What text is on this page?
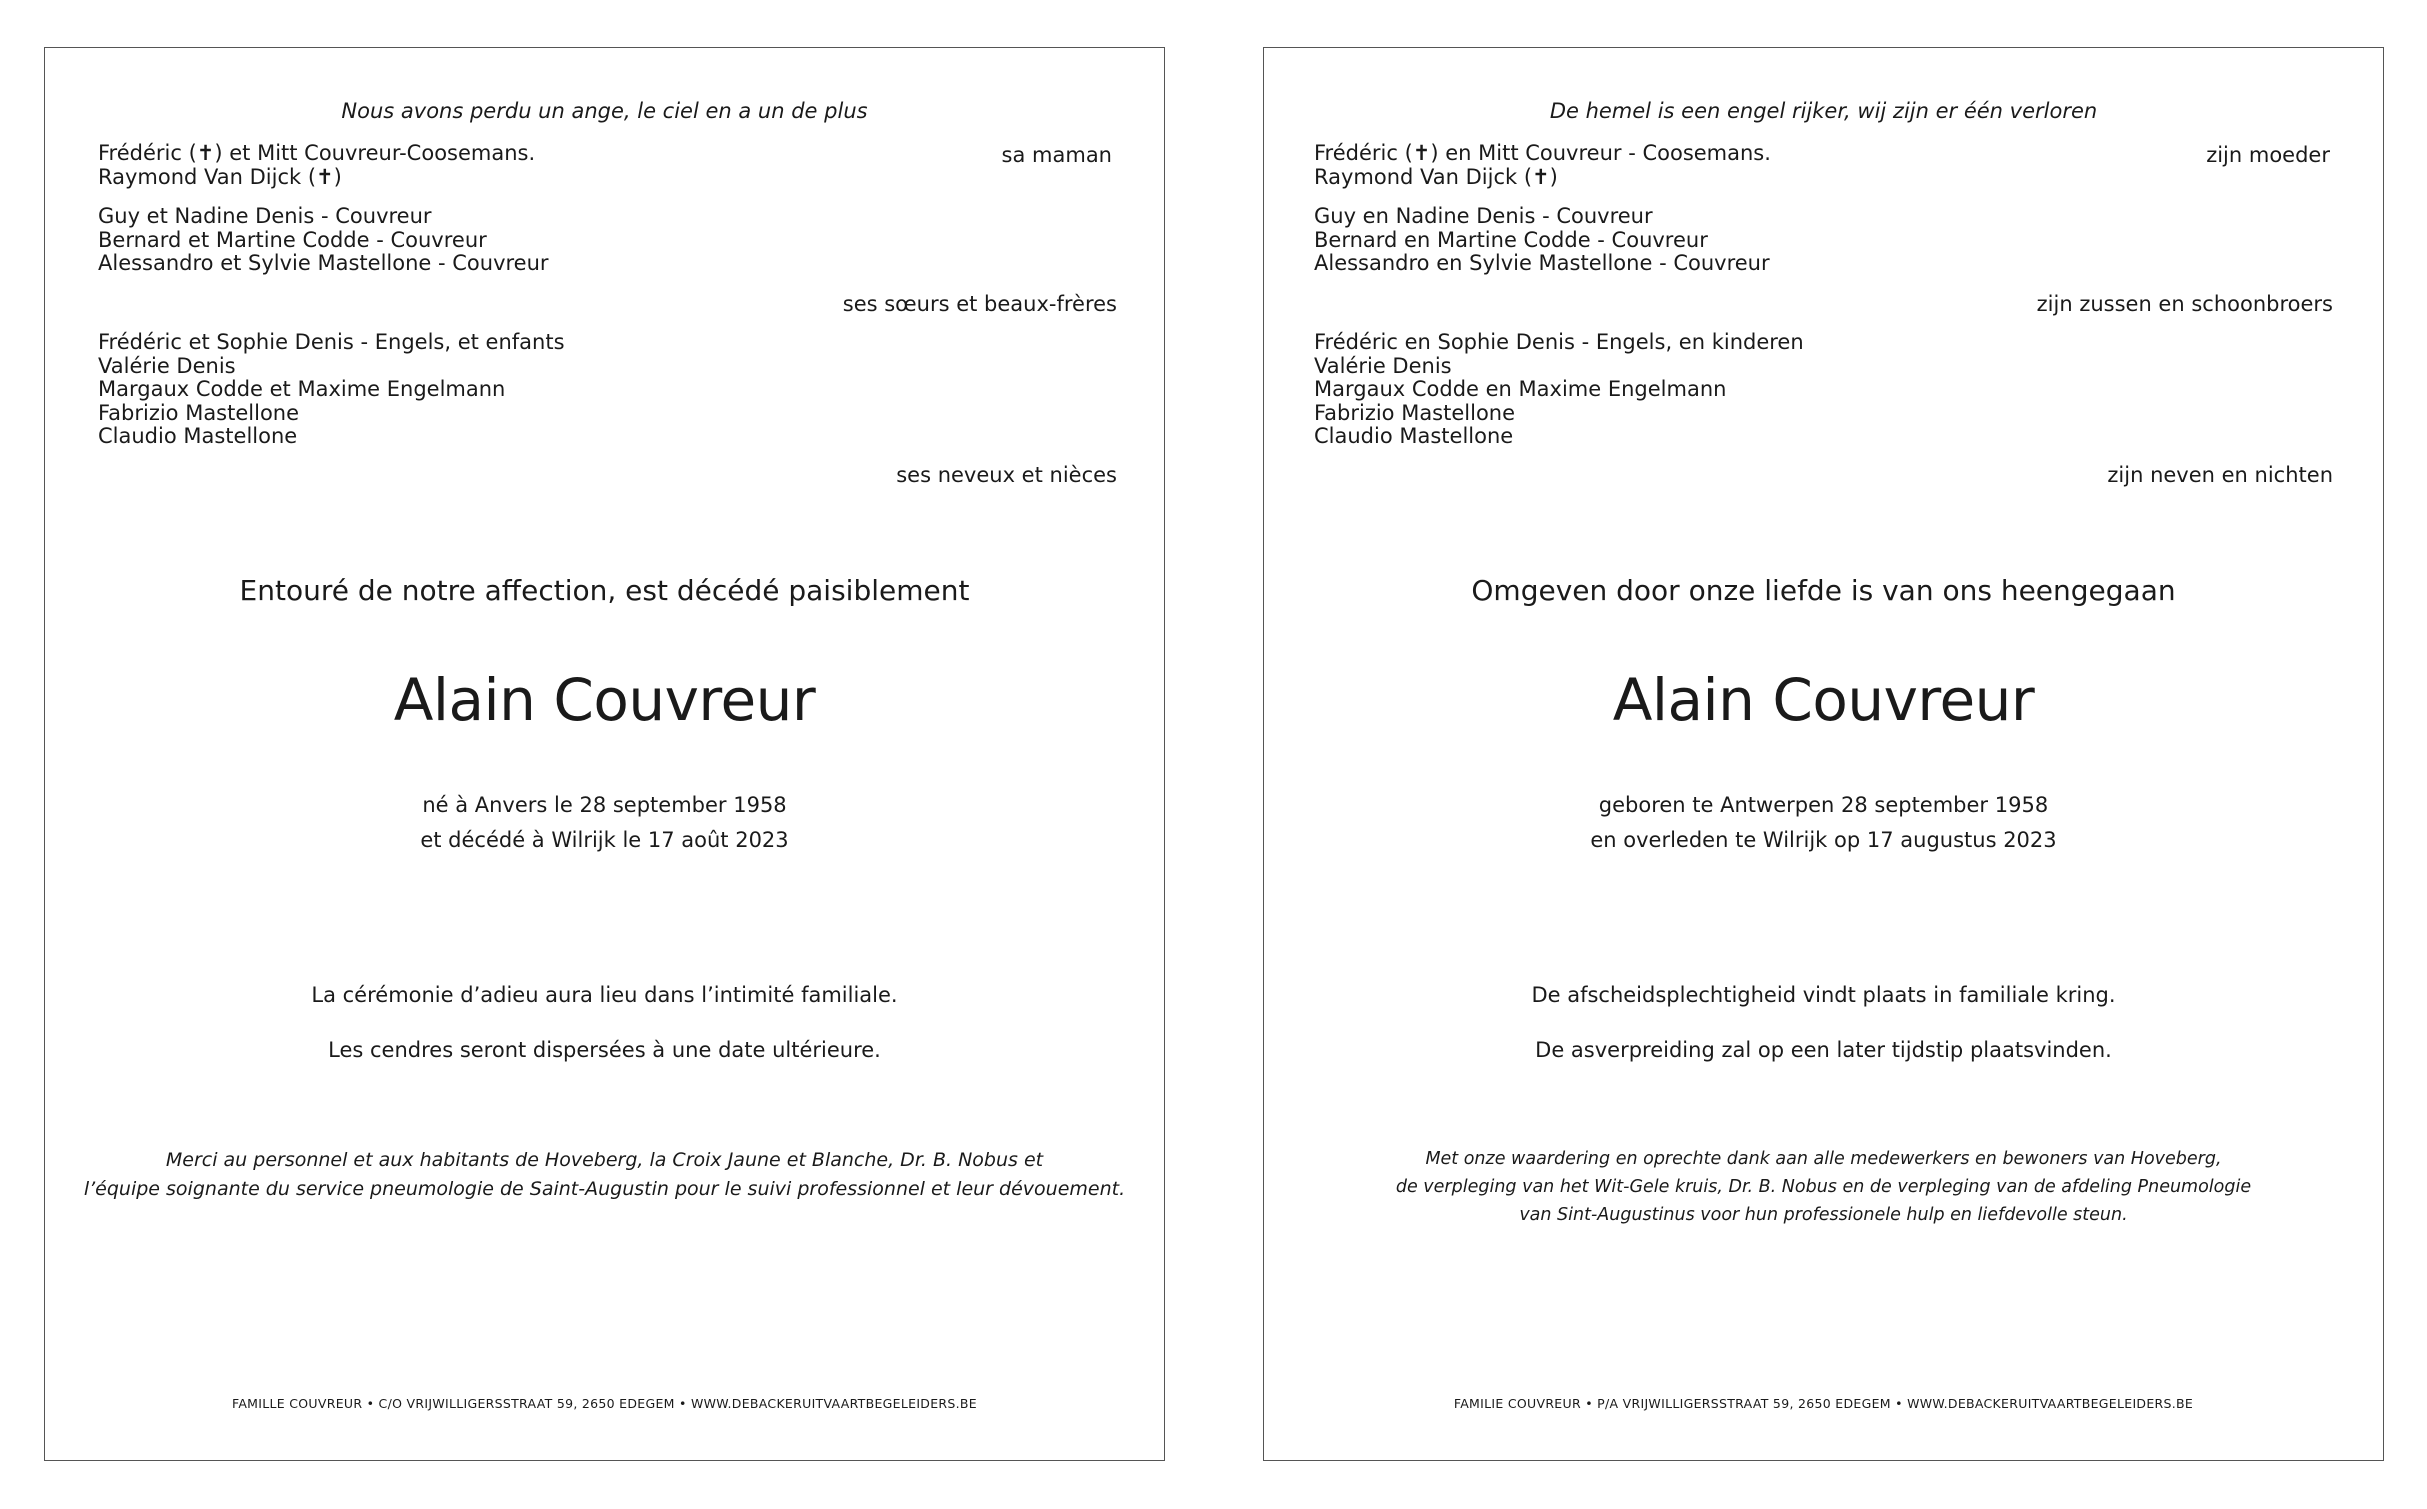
Nous avons perdu un ange, le ciel en a un de plus
Frédéric (✝) et Mitt Couvreur-Coosemans.
Raymond Van Dijck (✝)
sa maman
Guy et Nadine Denis - Couvreur
Bernard et Martine Codde - Couvreur
Alessandro et Sylvie Mastellone - Couvreur
ses sœurs et beaux-frères
Frédéric et Sophie Denis - Engels, et enfants
Valérie Denis
Margaux Codde et Maxime Engelmann
Fabrizio Mastellone
Claudio Mastellone
ses neveux et nièces
Entouré de notre affection, est décédé paisiblement
Alain Couvreur
né à Anvers le 28 september 1958
et décédé à Wilrijk le 17 août 2023
La cérémonie d’adieu aura lieu dans l’intimité familiale.
Les cendres seront dispersées à une date ultérieure.
Merci au personnel et aux habitants de Hoveberg, la Croix Jaune et Blanche, Dr. B. Nobus et
l’équipe soignante du service pneumologie de Saint-Augustin pour le suivi professionnel et leur dévouement.
FAMILLE COUVREUR • C/O VRIJWILLIGERSSTRAAT 59, 2650 EDEGEM • WWW.DEBACKERUITVAARTBEGELEIDERS.BE
De hemel is een engel rijker, wij zijn er één verloren
Frédéric (✝) en Mitt Couvreur - Coosemans.
Raymond Van Dijck (✝)
zijn moeder
Guy en Nadine Denis - Couvreur
Bernard en Martine Codde - Couvreur
Alessandro en Sylvie Mastellone - Couvreur
zijn zussen en schoonbroers
Frédéric en Sophie Denis - Engels, en kinderen
Valérie Denis
Margaux Codde en Maxime Engelmann
Fabrizio Mastellone
Claudio Mastellone
zijn neven en nichten
Omgeven door onze liefde is van ons heengegaan
Alain Couvreur
geboren te Antwerpen 28 september 1958
en overleden te Wilrijk op 17 augustus 2023
De afscheidsplechtigheid vindt plaats in familiale kring.
De asverpreiding zal op een later tijdstip plaatsvinden.
Met onze waardering en oprechte dank aan alle medewerkers en bewoners van Hoveberg,
de verpleging van het Wit-Gele kruis, Dr. B. Nobus en de verpleging van de afdeling Pneumologie
van Sint-Augustinus voor hun professionele hulp en liefdevolle steun.
FAMILIE COUVREUR • P/A VRIJWILLIGERSSTRAAT 59, 2650 EDEGEM • WWW.DEBACKERUITVAARTBEGELEIDERS.BE
